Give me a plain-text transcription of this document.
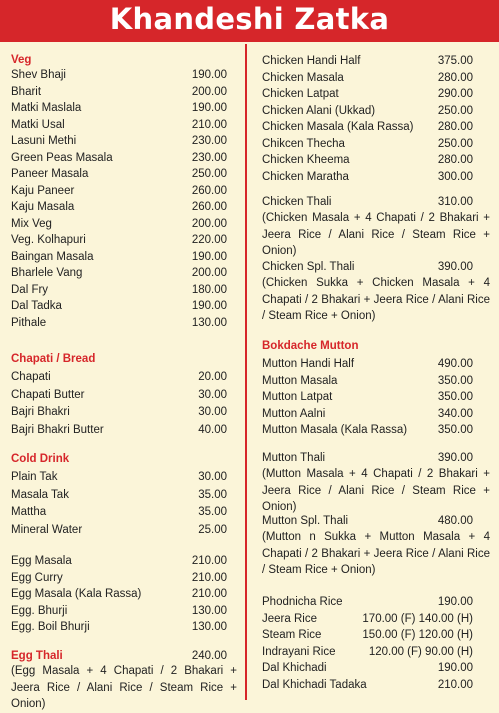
Khandeshi Zatka
Veg
Shev Bhaji	190.00
Bharit	200.00
Matki Maslala	190.00
Matki Usal	210.00
Lasuni Methi	230.00
Green Peas Masala	230.00
Paneer Masala	250.00
Kaju Paneer	260.00
Kaju Masala	260.00
Mix Veg	200.00
Veg. Kolhapuri	220.00
Baingan Masala	190.00
Bharlele Vang	200.00
Dal Fry	180.00
Dal Tadka	190.00
Pithale	130.00
Chapati / Bread
Chapati	20.00
Chapati Butter	30.00
Bajri Bhakri	30.00
Bajri Bhakri Butter	40.00
Cold Drink
Plain Tak	30.00
Masala Tak	35.00
Mattha	35.00
Mineral Water	25.00
Egg Masala	210.00
Egg Curry	210.00
Egg Masala (Kala Rassa)	210.00
Egg. Bhurji	130.00
Egg. Boil Bhurji	130.00
Egg Thali	240.00
(Egg Masala + 4 Chapati / 2 Bhakari + Jeera Rice / Alani Rice / Steam Rice + Onion)
Chicken Handi Half	375.00
Chicken Masala	280.00
Chicken Latpat	290.00
Chicken Alani (Ukkad)	250.00
Chicken Masala (Kala Rassa) 280.00
Chikcen Thecha	250.00
Chicken Kheema	280.00
Chicken Maratha	300.00
Chicken Thali	310.00
(Chicken Masala + 4 Chapati / 2 Bhakari + Jeera Rice / Alani Rice / Steam Rice + Onion)
Chicken Spl. Thali	390.00
(Chicken Sukka + Chicken Masala + 4 Chapati / 2 Bhakari + Jeera Rice / Alani Rice / Steam Rice + Onion)
Bokdache Mutton
Mutton Handi Half	490.00
Mutton Masala	350.00
Mutton Latpat	350.00
Mutton Aalni	340.00
Mutton Masala (Kala Rassa)	350.00
Mutton Thali	390.00
(Mutton Masala + 4 Chapati / 2 Bhakari + Jeera Rice / Alani Rice / Steam Rice + Onion)
Mutton Spl. Thali	480.00
(Mutton n Sukka + Mutton Masala + 4 Chapati / 2 Bhakari + Jeera Rice / Alani Rice / Steam Rice + Onion)
Phodnicha Rice	190.00
Jeera Rice	170.00 (F) 140.00 (H)
Steam Rice	150.00 (F) 120.00 (H)
Indrayani Rice	120.00 (F) 90.00 (H)
Dal Khichadi	190.00
Dal Khichadi Tadaka	210.00
